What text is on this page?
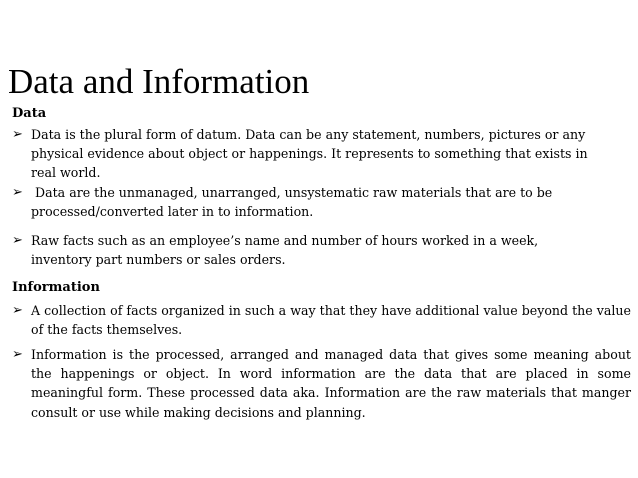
Data and Information
Data
➢ Data is the plural form of datum. Data can be any statement, numbers, pictures or any physical evidence about object or happenings. It represents to something that exists in real world.
➢ Data are the unmanaged, unarranged, unsystematic raw materials that are to be processed/converted later in to information.
➢ Raw facts such as an employee’s name and number of hours worked in a week, inventory part numbers or sales orders.
Information
➢ A collection of facts organized in such a way that they have additional value beyond the value of the facts themselves.
➢ Information is the processed, arranged and managed data that gives some meaning about the happenings or object. In word information are the data that are placed in some meaningful form. These processed data aka. Information are the raw materials that manger consult or use while making decisions and planning.
